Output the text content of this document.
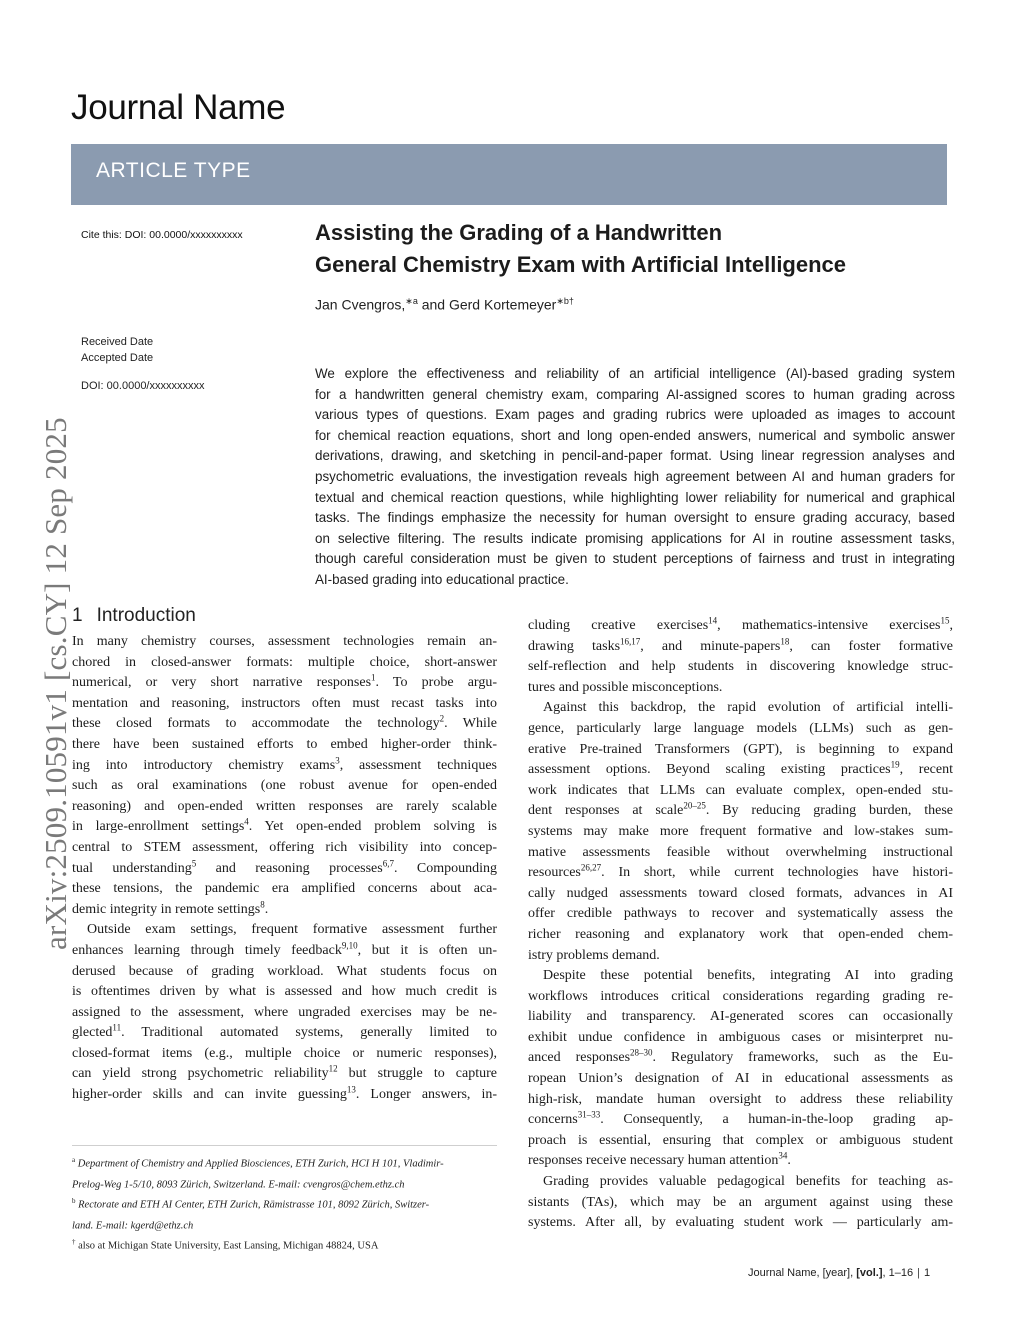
Journal Name
ARTICLE TYPE
Cite this: DOI: 00.0000/xxxxxxxxxx	Assisting the Grading of a Handwritten
General Chemistry Exam with Artificial Intelligence
Jan Cvengros,$^{∗a}$ and Gerd Kortemeyer$^{∗b\dagger}$
Received Date
Accepted Date
DOI: 00.0000/xxxxxxxxxx
arXiv:2509.10591v1 [cs.CY] 12 Sep 2025
We explore the effectiveness and reliability of an artificial intelligence (AI)-based grading system
for a handwritten general chemistry exam, comparing AI-assigned scores to human grading across
various types of questions. Exam pages and grading rubrics were uploaded as images to account
for chemical reaction equations, short and long open-ended answers, numerical and symbolic answer
derivations, drawing, and sketching in pencil-and-paper format. Using linear regression analyses and
psychometric evaluations, the investigation reveals high agreement between AI and human graders for
textual and chemical reaction questions, while highlighting lower reliability for numerical and graphical
tasks. The findings emphasize the necessity for human oversight to ensure grading accuracy, based
on selective filtering. The results indicate promising applications for AI in routine assessment tasks,
though careful consideration must be given to student perceptions of fairness and trust in integrating
AI-based grading into educational practice.
1 Introduction
In many chemistry courses, assessment technologies remain an-
chored in closed-answer formats: multiple choice, short-answer
numerical, or very short narrative responses$^1$. To probe argu-
mentation and reasoning, instructors often must recast tasks into
these closed formats to accommodate the technology$^2$. While
there have been sustained efforts to embed higher-order think-
ing into introductory chemistry exams$^3$, assessment techniques
such as oral examinations (one robust avenue for open-ended
reasoning) and open-ended written responses are rarely scalable
in large-enrollment settings$^4$. Yet open-ended problem solving is
central to STEM assessment, offering rich visibility into concep-
tual understanding$^5$ and reasoning processes$^{6,7}$. Compounding
these tensions, the pandemic era amplified concerns about aca-
demic integrity in remote settings$^8$.
Outside exam settings, frequent formative assessment further
enhances learning through timely feedback$^{9,10}$, but it is often un-
derused because of grading workload. What students focus on
is oftentimes driven by what is assessed and how much credit is
assigned to the assessment, where ungraded exercises may be ne-
glected$^{11}$. Traditional automated systems, generally limited to
closed-format items (e.g., multiple choice or numeric responses),
can yield strong psychometric reliability$^{12}$ but struggle to capture
higher-order skills and can invite guessing$^{13}$. Longer answers, in-
cluding creative exercises$^{14}$, mathematics-intensive exercises$^{15}$,
drawing tasks$^{16,17}$, and minute-papers$^{18}$, can foster formative
self-reflection and help students in discovering knowledge struc-
tures and possible misconceptions.
Against this backdrop, the rapid evolution of artificial intelli-
gence, particularly large language models (LLMs) such as gen-
erative Pre-trained Transformers (GPT), is beginning to expand
assessment options. Beyond scaling existing practices$^{19}$, recent
work indicates that LLMs can evaluate complex, open-ended stu-
dent responses at scale$^{20-25}$. By reducing grading burden, these
systems may make more frequent formative and low-stakes sum-
mative assessments feasible without overwhelming instructional
resources$^{26,27}$. In short, while current technologies have histori-
cally nudged assessments toward closed formats, advances in AI
offer credible pathways to recover and systematically assess the
richer reasoning and explanatory work that open-ended chem-
istry problems demand.
Despite these potential benefits, integrating AI into grading
workflows introduces critical considerations regarding grading re-
liability and transparency. AI-generated scores can occasionally
exhibit undue confidence in ambiguous cases or misinterpret nu-
anced responses$^{28-30}$. Regulatory frameworks, such as the Eu-
ropean Union’s designation of AI in educational assessments as
high-risk, mandate human oversight to address these reliability
concerns$^{31-33}$. Consequently, a human-in-the-loop grading ap-
proach is essential, ensuring that complex or ambiguous student
responses receive necessary human attention$^{34}$.
Grading provides valuable pedagogical benefits for teaching as-
sistants (TAs), which may be an argument against using these
systems. After all, by evaluating student work — particularly am-
$^a$ Department of Chemistry and Applied Biosciences, ETH Zurich, HCI H 101, Vladimir-
Prelog-Weg 1-5/10, 8093 Zürich, Switzerland. E-mail: cvengros@chem.ethz.ch
$^b$ Rectorate and ETH AI Center, ETH Zurich, Rämistrasse 101, 8092 Zürich, Switzer-
land. E-mail: kgerd@ethz.ch
† also at Michigan State University, East Lansing, Michigan 48824, USA
Journal Name, [year], [vol.], 1–16 | 1
